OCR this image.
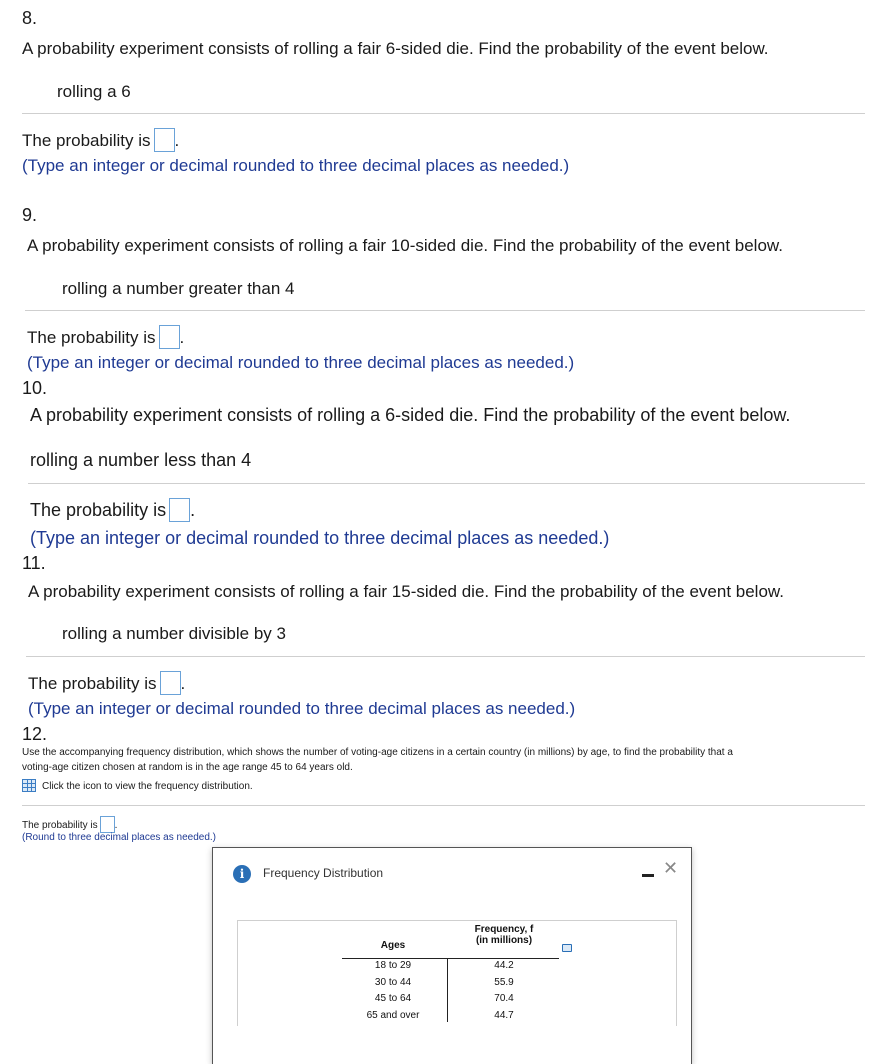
8.
A probability experiment consists of rolling a fair 6-sided die. Find the probability of the event below.
rolling a 6
The probability is .
(Type an integer or decimal rounded to three decimal places as needed.)
9.
A probability experiment consists of rolling a fair 10-sided die. Find the probability of the event below.
rolling a number greater than 4
The probability is .
(Type an integer or decimal rounded to three decimal places as needed.)
10.
A probability experiment consists of rolling a 6-sided die. Find the probability of the event below.
rolling a number less than 4
The probability is .
(Type an integer or decimal rounded to three decimal places as needed.)
11.
A probability experiment consists of rolling a fair 15-sided die. Find the probability of the event below.
rolling a number divisible by 3
The probability is .
(Type an integer or decimal rounded to three decimal places as needed.)
12.
Use the accompanying frequency distribution, which shows the number of voting-age citizens in a certain country (in millions) by age, to find the probability that a
voting-age citizen chosen at random is in the age range 45 to 64 years old.
Click the icon to view the frequency distribution.
The probability is .
(Round to three decimal places as needed.)
i	Frequency Distribution	✕
Frequency, f
(in millions)
Ages
18 to 29
30 to 44
45 to 64
65 and over
44.2
55.9
70.4
44.7
